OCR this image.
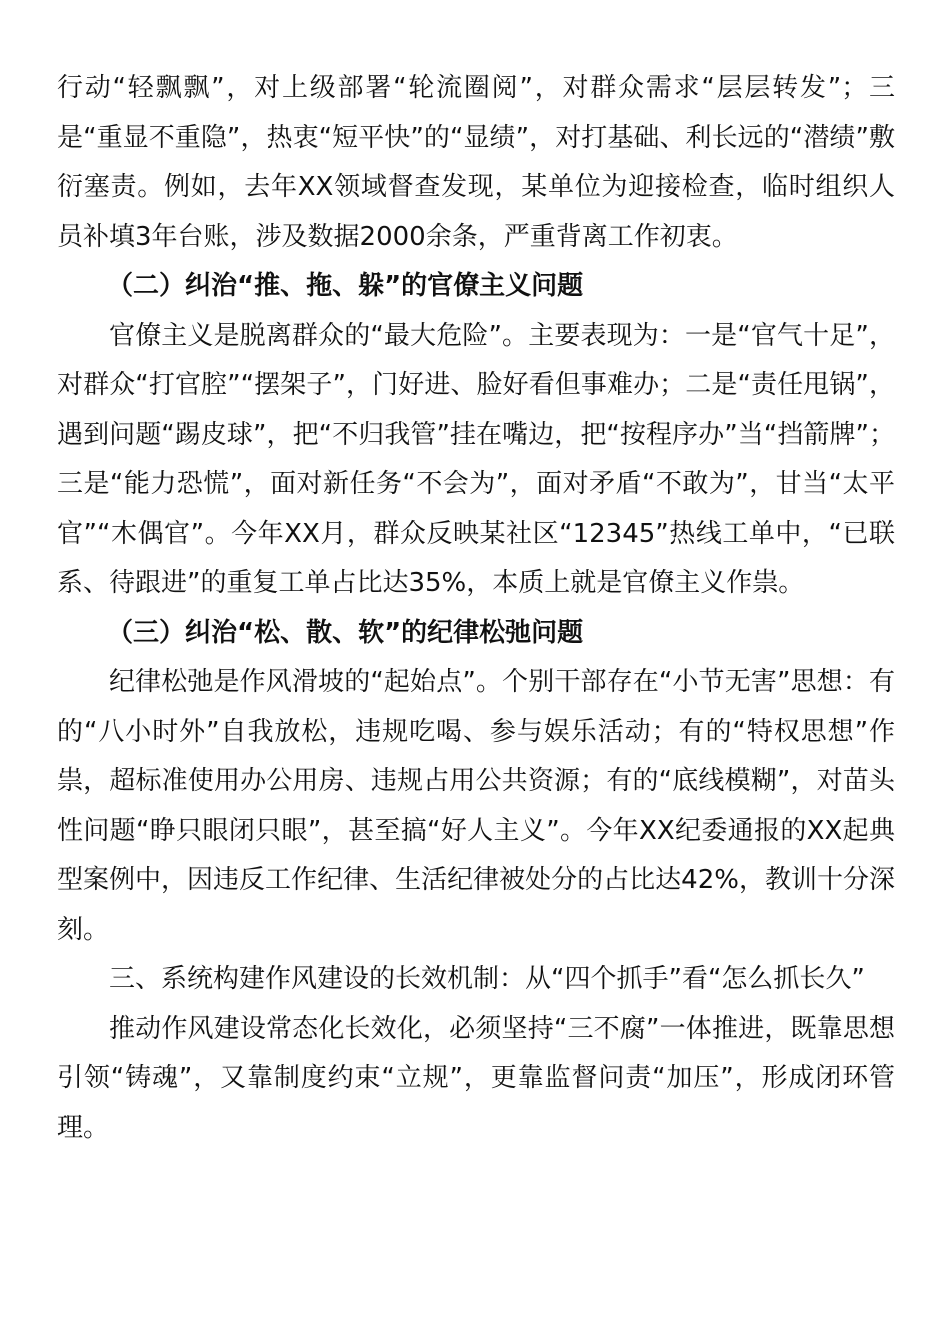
行动“轻飘飘”，对上级部署“轮流圈阅”，对群众需求“层层转发”；三是“重显不重隐”，热衷“短平快”的“显绩”，对打基础、利长远的“潜绩”敷衍塞责。例如，去年XX领域督查发现，某单位为迎接检查，临时组织人员补填3年台账，涉及数据2000余条，严重背离工作初衷。

（二）纠治“推、拖、躲”的官僚主义问题

官僚主义是脱离群众的“最大危险”。主要表现为：一是“官气十足”，对群众“打官腔”“摆架子”，门好进、脸好看但事难办；二是“责任甩锅”，遇到问题“踢皮球”，把“不归我管”挂在嘴边，把“按程序办”当“挡箭牌”；三是“能力恐慌”，面对新任务“不会为”，面对矛盾“不敢为”，甘当“太平官”“木偶官”。今年XX月，群众反映某社区“12345”热线工单中，“已联系、待跟进”的重复工单占比达35%，本质上就是官僚主义作祟。

（三）纠治“松、散、软”的纪律松弛问题

纪律松弛是作风滑坡的“起始点”。个别干部存在“小节无害”思想：有的“八小时外”自我放松，违规吃喝、参与娱乐活动；有的“特权思想”作祟，超标准使用办公用房、违规占用公共资源；有的“底线模糊”，对苗头性问题“睁只眼闭只眼”，甚至搞“好人主义”。今年XX纪委通报的XX起典型案例中，因违反工作纪律、生活纪律被处分的占比达42%，教训十分深刻。

三、系统构建作风建设的长效机制：从“四个抓手”看“怎么抓长久”

推动作风建设常态化长效化，必须坚持“三不腐”一体推进，既靠思想引领“铸魂”，又靠制度约束“立规”，更靠监督问责“加压”，形成闭环管理。
